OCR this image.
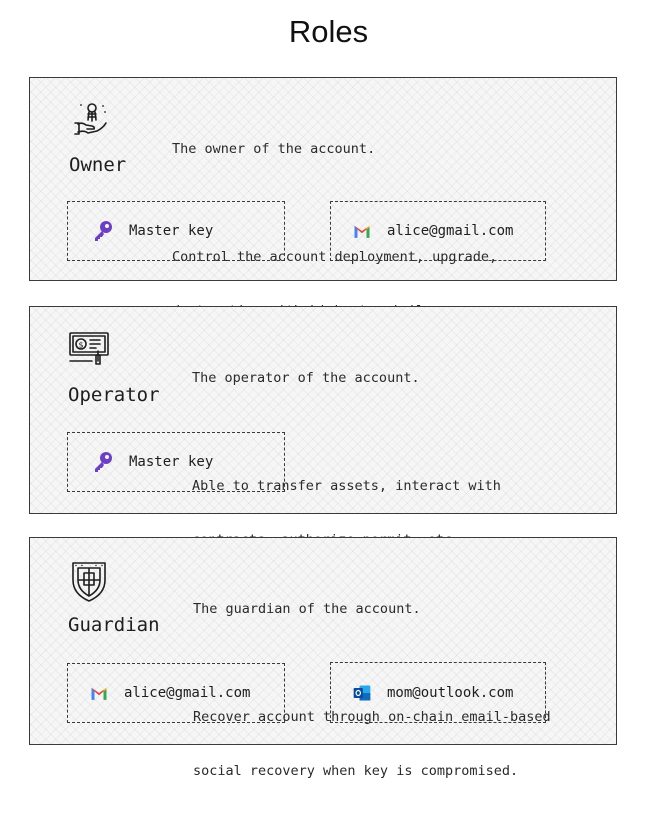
Roles
Owner

The owner of the account.

Control the account deployment, upgrade,

Master key	alice@gmail.com
$
Operator

The operator of the account.

Able to transfer assets, interact with

Master key
Guardian

The guardian of the account.

Recover account through on-chain email-based

social recovery when key is compromised.

alice@gmail.com	mom@outlook.com
